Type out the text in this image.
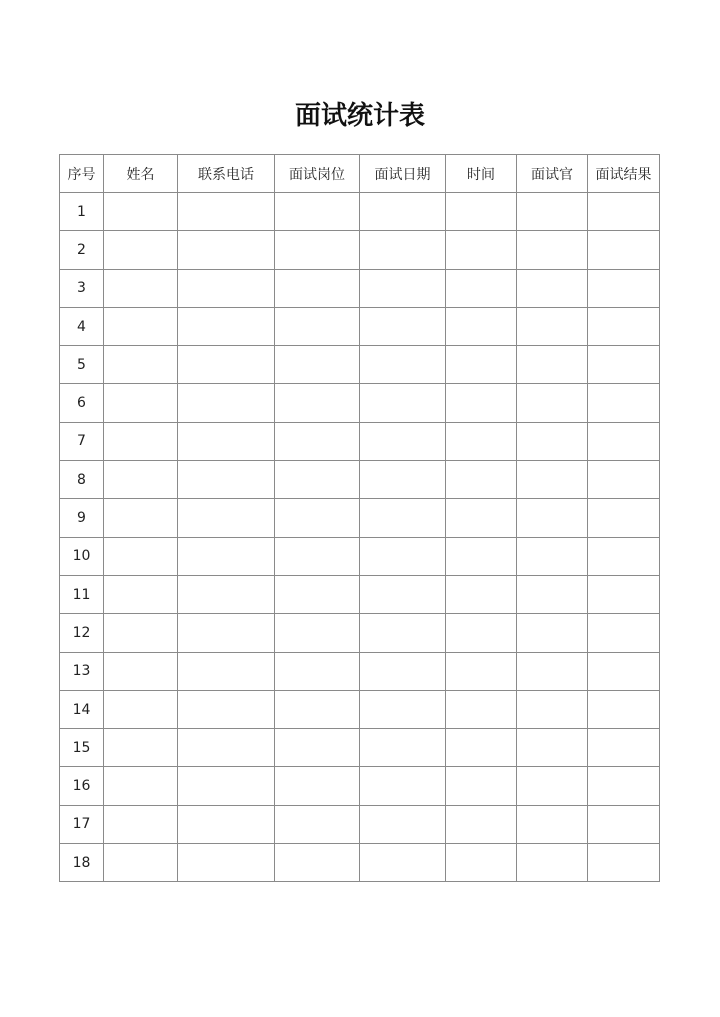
面试统计表
序号	姓名	联系电话	面试岗位	面试日期	时间	面试官	面试结果
1							
2							
3							
4							
5							
6							
7							
8							
9							
10							
11							
12							
13							
14							
15							
16							
17							
18							
